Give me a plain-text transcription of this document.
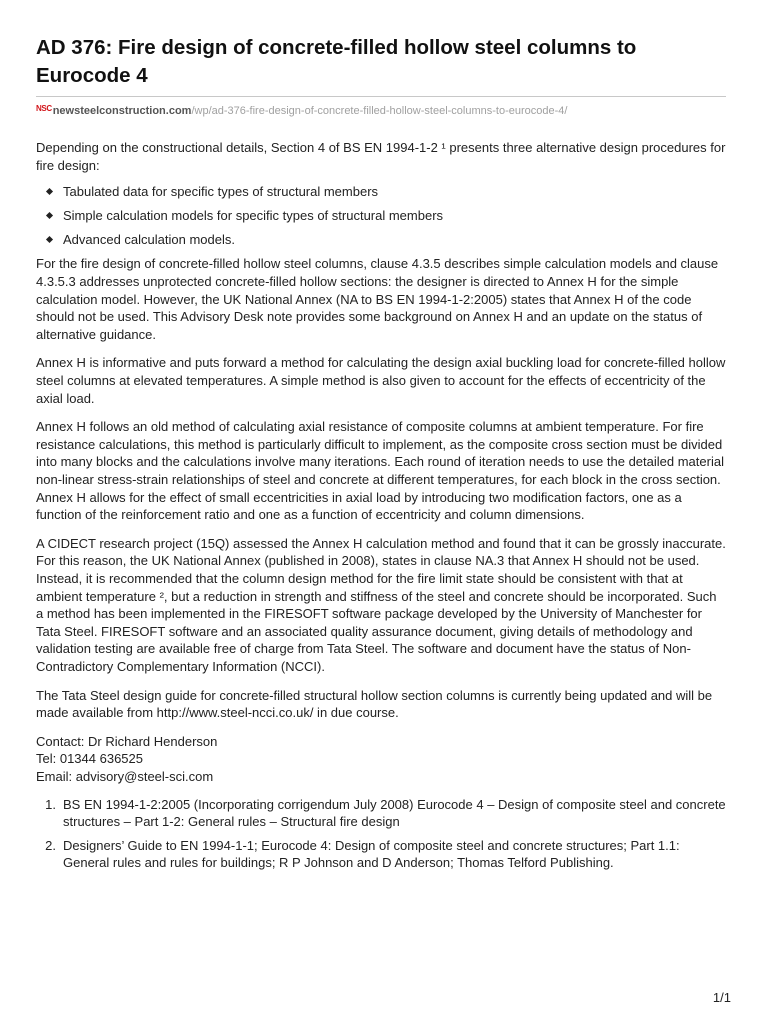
AD 376: Fire design of concrete-filled hollow steel columns to Eurocode 4
NSCnewsteelconstruction.com/wp/ad-376-fire-design-of-concrete-filled-hollow-steel-columns-to-eurocode-4/

Depending on the constructional details, Section 4 of BS EN 1994-1-2 ¹ presents three alternative design procedures for fire design:

Tabulated data for specific types of structural members
Simple calculation models for specific types of structural members
Advanced calculation models.

For the fire design of concrete-filled hollow steel columns, clause 4.3.5 describes simple calculation models and clause 4.3.5.3 addresses unprotected concrete-filled hollow sections: the designer is directed to Annex H for the simple calculation model. However, the UK National Annex (NA to BS EN 1994-1-2:2005) states that Annex H of the code should not be used. This Advisory Desk note provides some background on Annex H and an update on the status of alternative guidance.

Annex H is informative and puts forward a method for calculating the design axial buckling load for concrete-filled hollow steel columns at elevated temperatures. A simple method is also given to account for the effects of eccentricity of the axial load.

Annex H follows an old method of calculating axial resistance of composite columns at ambient temperature. For fire resistance calculations, this method is particularly difficult to implement, as the composite cross section must be divided into many blocks and the calculations involve many iterations. Each round of iteration needs to use the detailed material non-linear stress-strain relationships of steel and concrete at different temperatures, for each block in the cross section.

Annex H allows for the effect of small eccentricities in axial load by introducing two modification factors, one as a function of the reinforcement ratio and one as a function of eccentricity and column dimensions.

A CIDECT research project (15Q) assessed the Annex H calculation method and found that it can be grossly inaccurate. For this reason, the UK National Annex (published in 2008), states in clause NA.3 that Annex H should not be used.

Instead, it is recommended that the column design method for the fire limit state should be consistent with that at ambient temperature ², but a reduction in strength and stiffness of the steel and concrete should be incorporated. Such a method has been implemented in the FIRESOFT software package developed by the University of Manchester for Tata Steel. FIRESOFT software and an associated quality assurance document, giving details of methodology and validation testing are available free of charge from Tata Steel. The software and document have the status of Non-Contradictory Complementary Information (NCCI).

The Tata Steel design guide for concrete-filled structural hollow section columns is currently being updated and will be made available from http://www.steel-ncci.co.uk/ in due course.

Contact: Dr Richard Henderson

Tel: 01344 636525

Email: advisory@steel-sci.com

1. BS EN 1994-1-2:2005 (Incorporating corrigendum July 2008) Eurocode 4 – Design of composite steel and concrete structures – Part 1-2: General rules – Structural fire design
2. Designers’ Guide to EN 1994-1-1; Eurocode 4: Design of composite steel and concrete structures; Part 1.1: General rules and rules for buildings; R P Johnson and D Anderson; Thomas Telford Publishing.
1/1
